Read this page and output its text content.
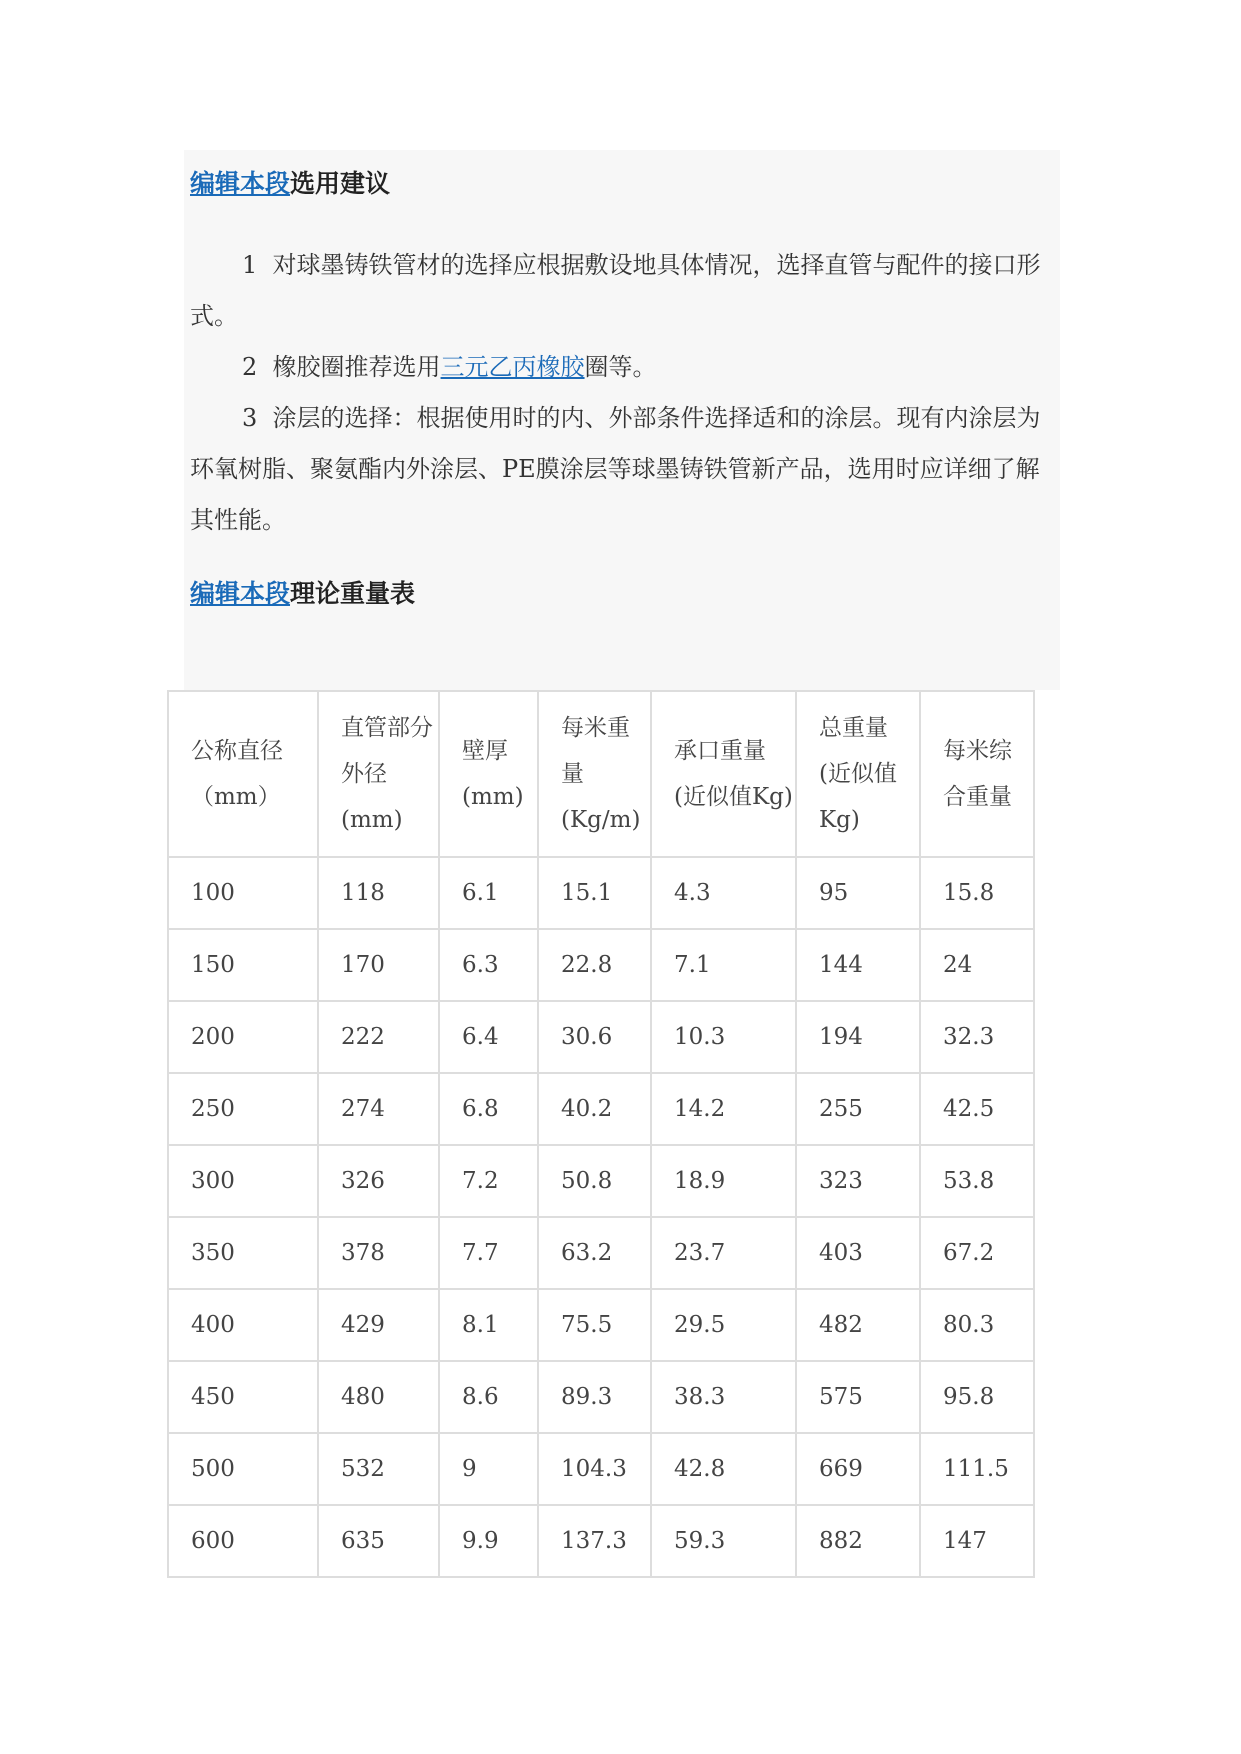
编辑本段选用建议
1 对球墨铸铁管材的选择应根据敷设地具体情况，选择直管与配件的接口形式。
2 橡胶圈推荐选用三元乙丙橡胶圈等。
3 涂层的选择：根据使用时的内、外部条件选择适和的涂层。现有内涂层为环氧树脂、聚氨酯内外涂层、PE膜涂层等球墨铸铁管新产品，选用时应详细了解其性能。
编辑本段理论重量表
公称直径（mm）	直管部分外径(mm)	壁厚(mm)	每米重量(Kg/m)	承口重量(近似值Kg)	总重量(近似值Kg)	每米综合重量
100	118	6.1	15.1	4.3	95	15.8
150	170	6.3	22.8	7.1	144	24
200	222	6.4	30.6	10.3	194	32.3
250	274	6.8	40.2	14.2	255	42.5
300	326	7.2	50.8	18.9	323	53.8
350	378	7.7	63.2	23.7	403	67.2
400	429	8.1	75.5	29.5	482	80.3
450	480	8.6	89.3	38.3	575	95.8
500	532	9	104.3	42.8	669	111.5
600	635	9.9	137.3	59.3	882	147
